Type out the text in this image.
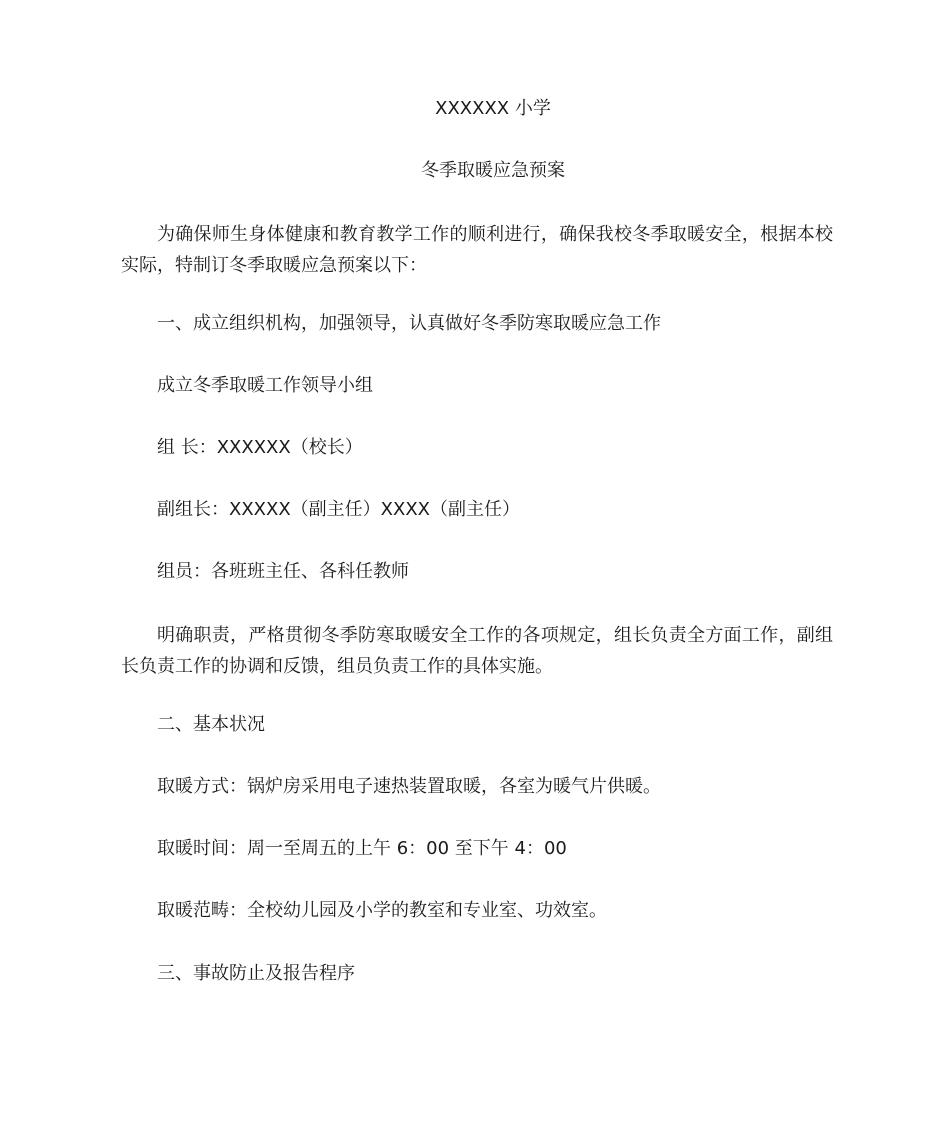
XXXXXX 小学
冬季取暖应急预案
为确保师生身体健康和教育教学工作的顺利进行，确保我校冬季取暖安全，根据本校实际，特制订冬季取暖应急预案以下：
一、成立组织机构，加强领导，认真做好冬季防寒取暖应急工作
成立冬季取暖工作领导小组
组 长：XXXXXX（校长）
副组长：XXXXX（副主任）XXXX（副主任）
组员：各班班主任、各科任教师
明确职责，严格贯彻冬季防寒取暖安全工作的各项规定，组长负责全方面工作，副组长负责工作的协调和反馈，组员负责工作的具体实施。
二、基本状况
取暖方式：锅炉房采用电子速热装置取暖，各室为暖气片供暖。
取暖时间：周一至周五的上午 6：00 至下午 4：00
取暖范畴：全校幼儿园及小学的教室和专业室、功效室。
三、事故防止及报告程序
